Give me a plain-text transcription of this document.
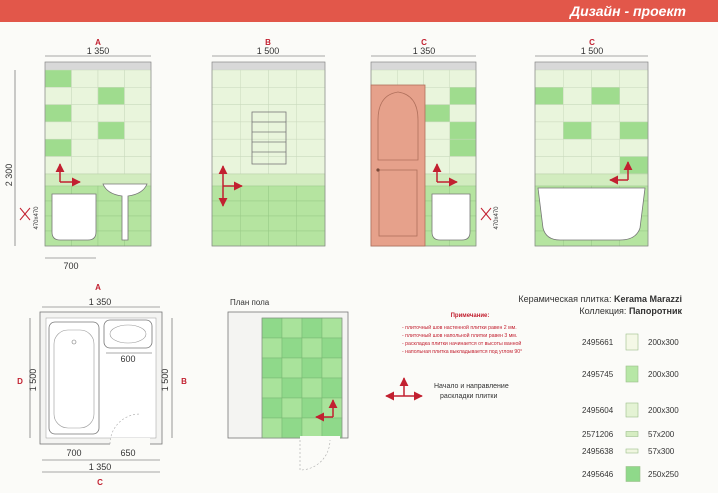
Дизайн - проект
A
1 350
2 300
470х470
700
B
1 500
C
1 350
470х470
C
1 500
A
1 350
600
1 500
D	1 500 B
700	650
1 350
C
План пола
Примечание:
- плиточный шов настенной плитки равен 2 мм.
- плиточный шов напольной плитки равен 3 мм.
- раскладка плитки начинается от высоты ванной
- напольная плитка выкладывается под углом 90°
Начало и направление
раскладки плитки
Керамическая плитка: Kerama Marazzi
Коллекция: Папоротник
2495661	200х300
2495745	200х300
2495604	200х300
2571206	57х200
2495638	57х300
2495646	250х250
